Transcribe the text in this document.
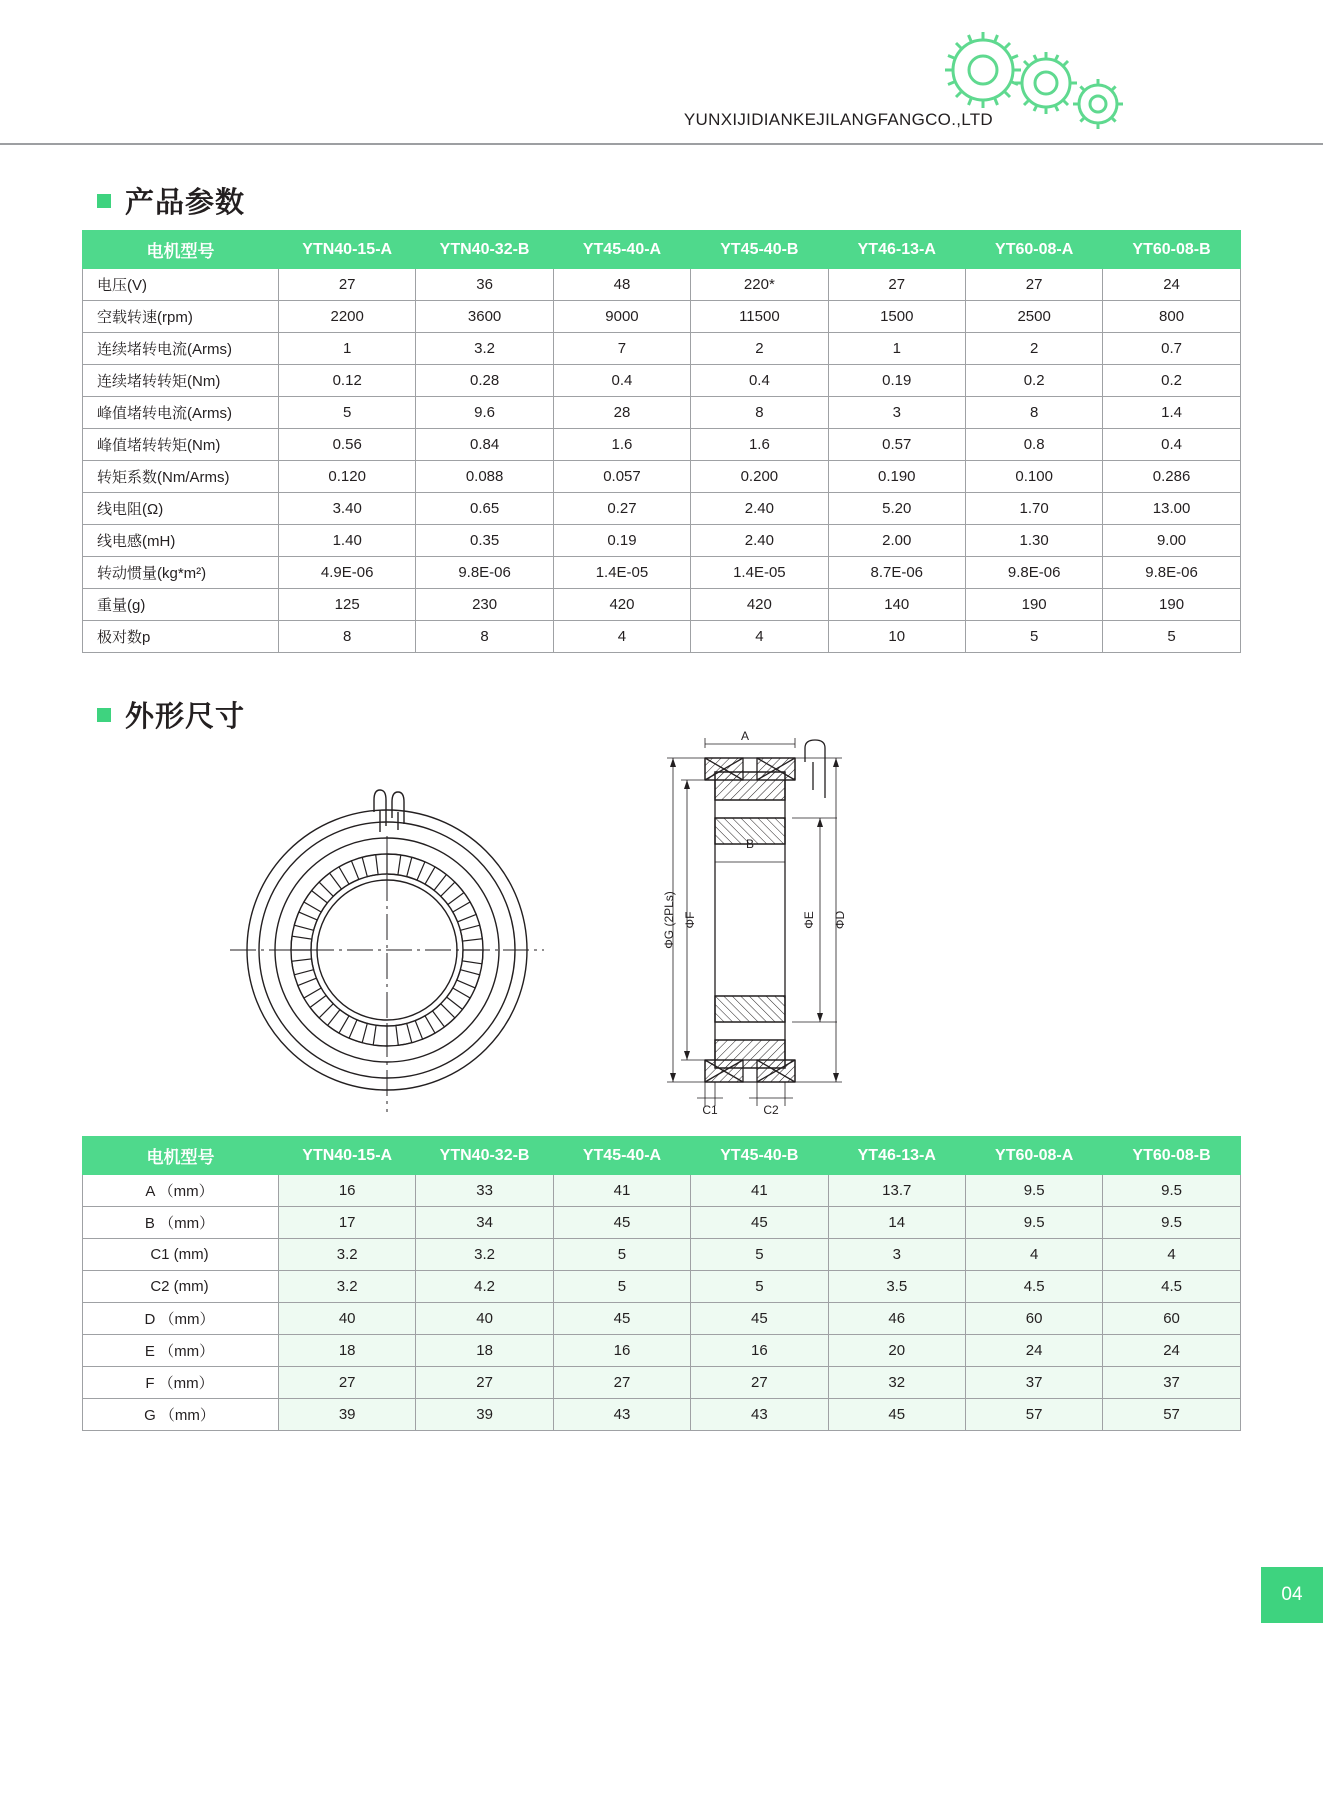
YUNXIJIDIANKEJILANGFANGCO.,LTD
产品参数
电机型号	YTN40-15-A	YTN40-32-B	YT45-40-A	YT45-40-B	YT46-13-A	YT60-08-A	YT60-08-B
电压(V)	27	36	48	220*	27	27	24
空载转速(rpm)	2200	3600	9000	11500	1500	2500	800
连续堵转电流(Arms)	1	3.2	7	2	1	2	0.7
连续堵转转矩(Nm)	0.12	0.28	0.4	0.4	0.19	0.2	0.2
峰值堵转电流(Arms)	5	9.6	28	8	3	8	1.4
峰值堵转转矩(Nm)	0.56	0.84	1.6	1.6	0.57	0.8	0.4
转矩系数(Nm/Arms)	0.120	0.088	0.057	0.200	0.190	0.100	0.286
线电阻(Ω)	3.40	0.65	0.27	2.40	5.20	1.70	13.00
线电感(mH)	1.40	0.35	0.19	2.40	2.00	1.30	9.00
转动惯量(kg*m²)	4.9E-06	9.8E-06	1.4E-05	1.4E-05	8.7E-06	9.8E-06	9.8E-06
重量(g)	125	230	420	420	140	190	190
极对数p	8	8	4	4	10	5	5
外形尺寸
A
B
C1	C2
ΦG (2PLs) ΦF	ΦE ΦD
电机型号	YTN40-15-A	YTN40-32-B	YT45-40-A	YT45-40-B	YT46-13-A	YT60-08-A	YT60-08-B
A （mm）	16	33	41	41	13.7	9.5	9.5
B （mm）	17	34	45	45	14	9.5	9.5
C1 (mm)	3.2	3.2	5	5	3	4	4
C2 (mm)	3.2	4.2	5	5	3.5	4.5	4.5
D （mm）	40	40	45	45	46	60	60
E （mm）	18	18	16	16	20	24	24
F （mm）	27	27	27	27	32	37	37
G （mm）	39	39	43	43	45	57	57
04
